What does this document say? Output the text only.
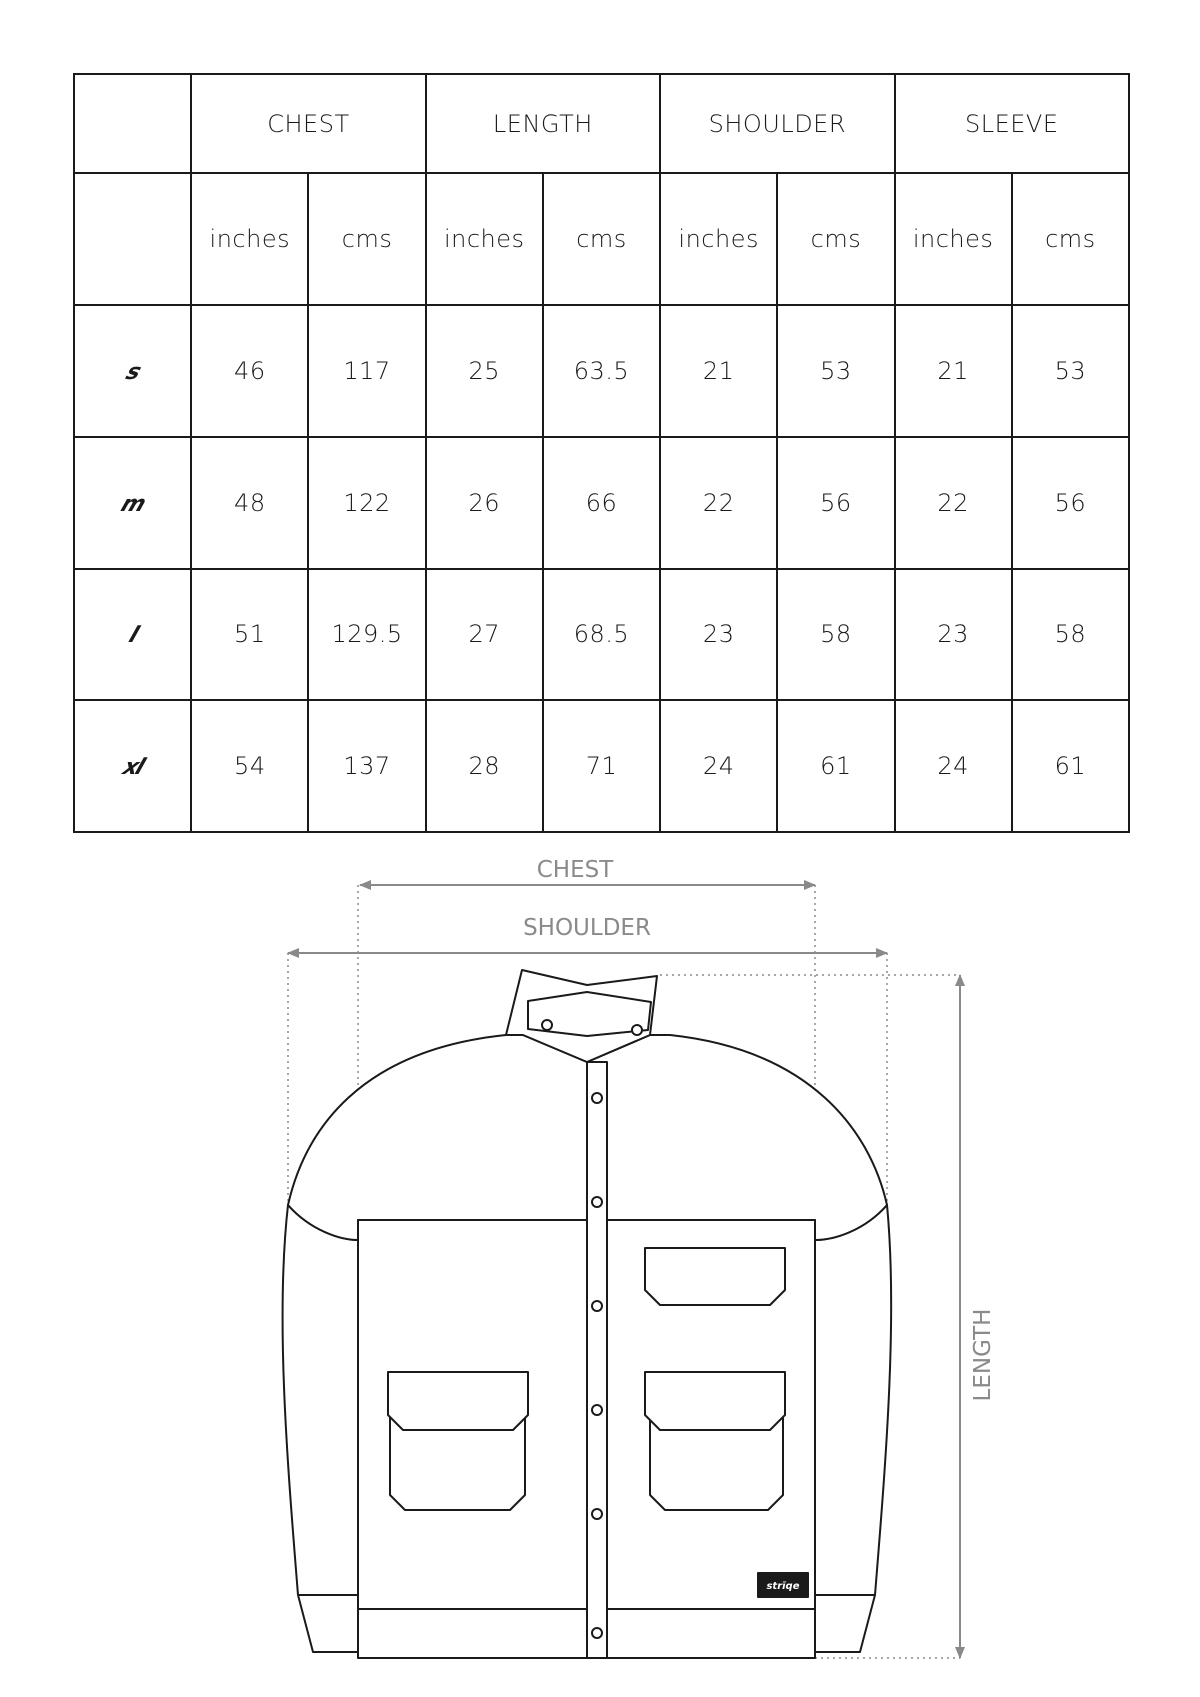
	CHEST		LENGTH		SHOULDER		SLEEVE	
	inches	cms	inches	cms	inches	cms	inches	cms
s	46	117	25	63.5	21	53	21	53
m	48	122	26	66	22	56	22	56
l	51	129.5	27	68.5	23	58	23	58
xl	54	137	28	71	24	61	24	61
CHEST
SHOULDER
LENGTH
strīqe
